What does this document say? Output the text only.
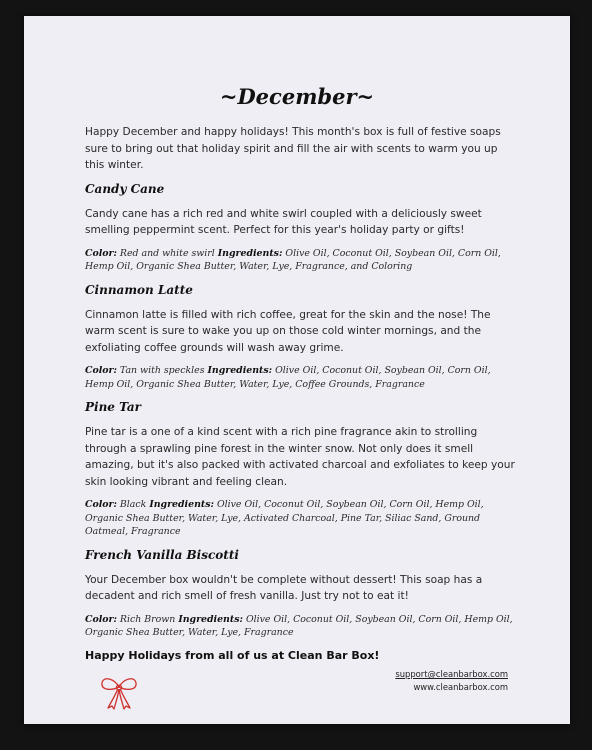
~December~

Happy December and happy holidays! This month's box is full of festive soaps sure to bring out that holiday spirit and fill the air with scents to warm you up this winter.

Candy Cane

Candy cane has a rich red and white swirl coupled with a deliciously sweet smelling peppermint scent. Perfect for this year's holiday party or gifts!

Color: Red and white swirl Ingredients: Olive Oil, Coconut Oil, Soybean Oil, Corn Oil, Hemp Oil, Organic Shea Butter, Water, Lye, Fragrance, and Coloring

Cinnamon Latte

Cinnamon latte is filled with rich coffee, great for the skin and the nose! The warm scent is sure to wake you up on those cold winter mornings, and the exfoliating coffee grounds will wash away grime.

Color: Tan with speckles Ingredients: Olive Oil, Coconut Oil, Soybean Oil, Corn Oil, Hemp Oil, Organic Shea Butter, Water, Lye, Coffee Grounds, Fragrance

Pine Tar

Pine tar is a one of a kind scent with a rich pine fragrance akin to strolling through a sprawling pine forest in the winter snow. Not only does it smell amazing, but it's also packed with activated charcoal and exfoliates to keep your skin looking vibrant and feeling clean.

Color: Black Ingredients: Olive Oil, Coconut Oil, Soybean Oil, Corn Oil, Hemp Oil, Organic Shea Butter, Water, Lye, Activated Charcoal, Pine Tar, Siliac Sand, Ground Oatmeal, Fragrance

French Vanilla Biscotti

Your December box wouldn't be complete without dessert! This soap has a decadent and rich smell of fresh vanilla. Just try not to eat it!

Color: Rich Brown Ingredients: Olive Oil, Coconut Oil, Soybean Oil, Corn Oil, Hemp Oil, Organic Shea Butter, Water, Lye, Fragrance

Happy Holidays from all of us at Clean Bar Box!
support@cleanbarbox.com
www.cleanbarbox.com
